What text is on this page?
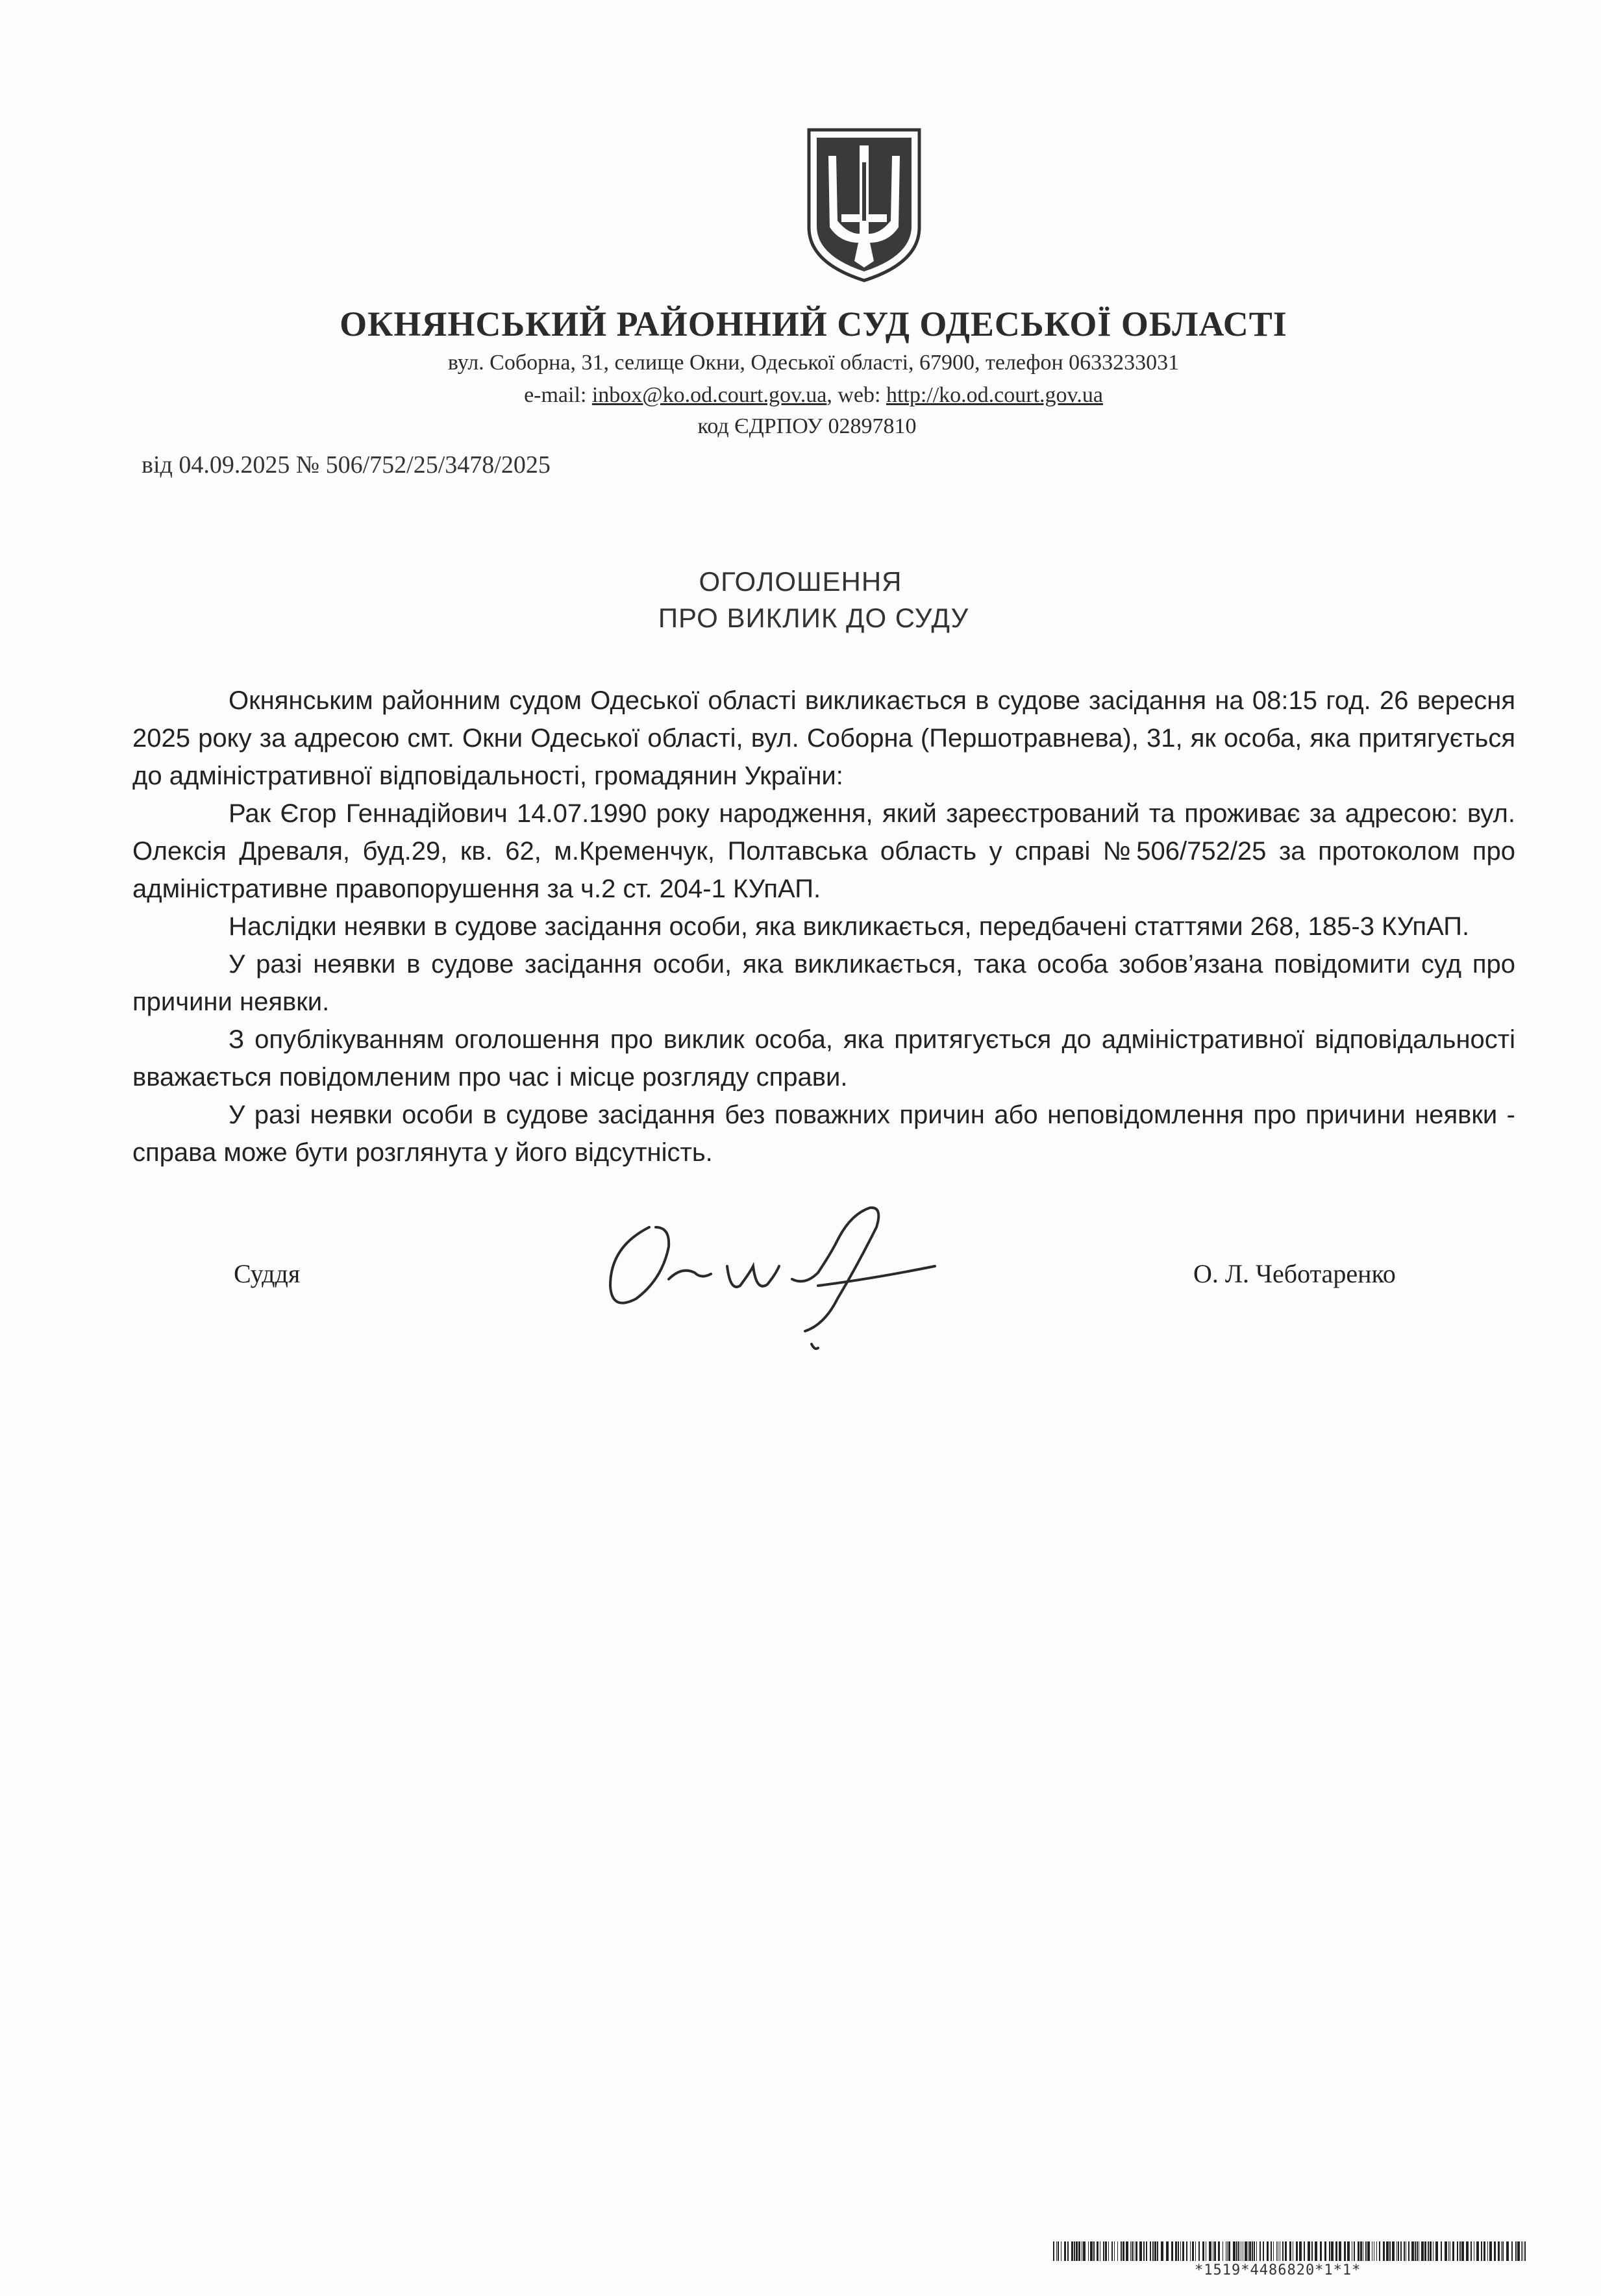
ОКНЯНСЬКИЙ РАЙОННИЙ СУД ОДЕСЬКОЇ ОБЛАСТІ
вул. Соборна, 31, селище Окни, Одеської області, 67900, телефон 0633233031
e-mail: inbox@ko.od.court.gov.ua, web: http://ko.od.court.gov.ua
код ЄДРПОУ 02897810
від 04.09.2025 № 506/752/25/3478/2025
ОГОЛОШЕННЯ
ПРО ВИКЛИК ДО СУДУ

Окнянським районним судом Одеської області викликається в судове засідання на 08:15 год. 26 вересня 2025 року за адресою смт. Окни Одеської області, вул. Соборна (Першотравнева), 31, як особа, яка притягується до адміністративної відповідальності, громадянин України:

Рак Єгор Геннадійович 14.07.1990 року народження, який зареєстрований та проживає за адресою: вул. Олексія Древаля, буд.29, кв. 62, м.Кременчук, Полтавська область у справі №506/752/25 за протоколом про адміністративне правопорушення за ч.2 ст. 204-1 КУпАП.

Наслідки неявки в судове засідання особи, яка викликається, передбачені статтями 268, 185-3 КУпАП.

У разі неявки в судове засідання особи, яка викликається, така особа зобов’язана повідомити суд про причини неявки.

З опублікуванням оголошення про виклик особа, яка притягується до адміністративної відповідальності вважається повідомленим про час і місце розгляду справи.

У разі неявки особи в судове засідання без поважних причин або неповідомлення про причини неявки - справа може бути розглянута у його відсутність.

Суддя	О. Л. Чеботаренко
*1519*4486820*1*1*
